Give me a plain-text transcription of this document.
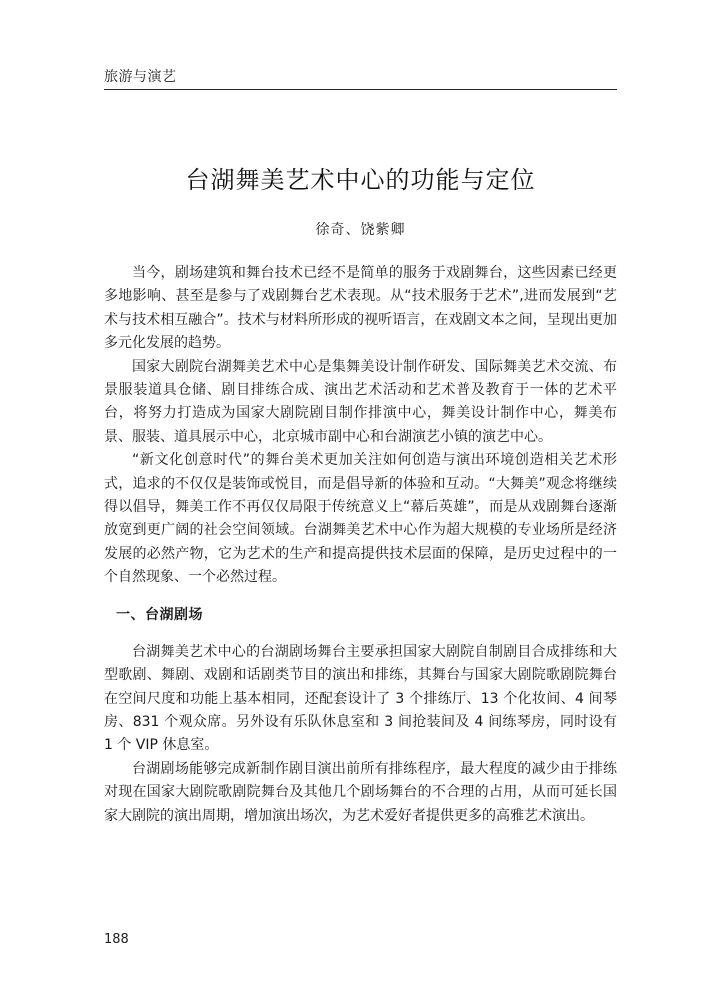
旅游与演艺
台湖舞美艺术中心的功能与定位
徐奇、饶紫卿

当今，剧场建筑和舞台技术已经不是简单的服务于戏剧舞台，这些因素已经更多地影响、甚至是参与了戏剧舞台艺术表现。从“技术服务于艺术”,进而发展到“艺术与技术相互融合”。技术与材料所形成的视听语言，在戏剧文本之间，呈现出更加多元化发展的趋势。

国家大剧院台湖舞美艺术中心是集舞美设计制作研发、国际舞美艺术交流、布景服装道具仓储、剧目排练合成、演出艺术活动和艺术普及教育于一体的艺术平台，将努力打造成为国家大剧院剧目制作排演中心，舞美设计制作中心，舞美布景、服装、道具展示中心，北京城市副中心和台湖演艺小镇的演艺中心。

“新文化创意时代”的舞台美术更加关注如何创造与演出环境创造相关艺术形式，追求的不仅仅是装饰或悦目，而是倡导新的体验和互动。“大舞美”观念将继续得以倡导，舞美工作不再仅仅局限于传统意义上“幕后英雄”，而是从戏剧舞台逐渐放宽到更广阔的社会空间领域。台湖舞美艺术中心作为超大规模的专业场所是经济发展的必然产物，它为艺术的生产和提高提供技术层面的保障，是历史过程中的一个自然现象、一个必然过程。

一、台湖剧场

台湖舞美艺术中心的台湖剧场舞台主要承担国家大剧院自制剧目合成排练和大型歌剧、舞剧、戏剧和话剧类节目的演出和排练，其舞台与国家大剧院歌剧院舞台在空间尺度和功能上基本相同，还配套设计了 3 个排练厅、13 个化妆间、4 间琴房、831 个观众席。另外设有乐队休息室和 3 间抢装间及 4 间练琴房，同时设有 1 个 VIP 休息室。

台湖剧场能够完成新制作剧目演出前所有排练程序，最大程度的减少由于排练对现在国家大剧院歌剧院舞台及其他几个剧场舞台的不合理的占用，从而可延长国家大剧院的演出周期，增加演出场次，为艺术爱好者提供更多的高雅艺术演出。

188
